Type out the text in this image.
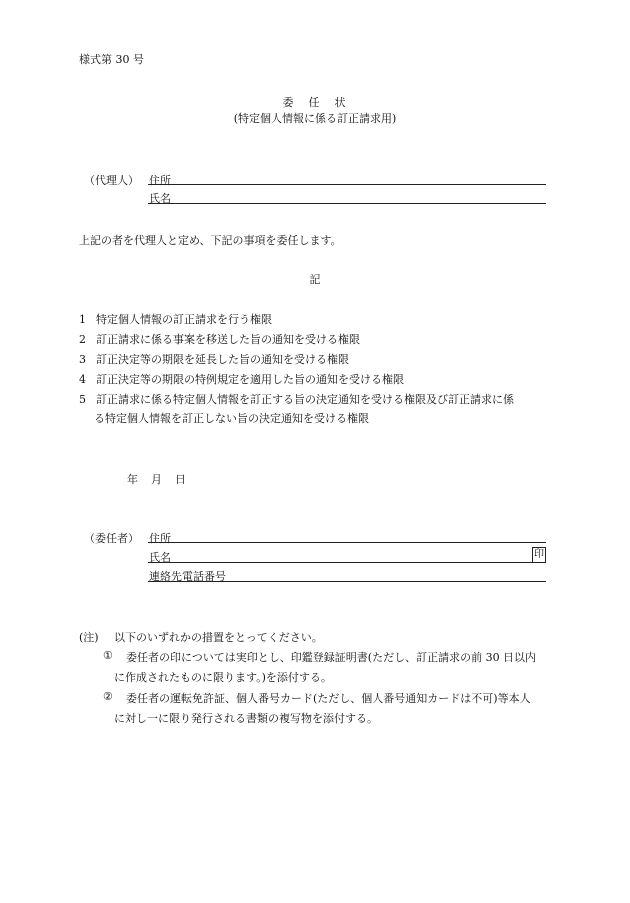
様式第 30 号
委　任　状
(特定個人情報に係る訂正請求用)
（代理人） 住所
氏名
上記の者を代理人と定め、下記の事項を委任します。
記
1 特定個人情報の訂正請求を行う権限
2 訂正請求に係る事案を移送した旨の通知を受ける権限
3 訂正決定等の期限を延長した旨の通知を受ける権限
4 訂正決定等の期限の特例規定を適用した旨の通知を受ける権限
5 訂正請求に係る特定個人情報を訂正する旨の決定通知を受ける権限及び訂正請求に係
る特定個人情報を訂正しない旨の決定通知を受ける権限
年 月 日
（委任者） 住所
氏名	印
連絡先電話番号
(注) 以下のいずれかの措置をとってください。
① 委任者の印については実印とし、印鑑登録証明書(ただし、訂正請求の前 30 日以内
に作成されたものに限ります。)を添付する。
② 委任者の運転免許証、個人番号カード(ただし、個人番号通知カードは不可)等本人
に対し一に限り発行される書類の複写物を添付する。
